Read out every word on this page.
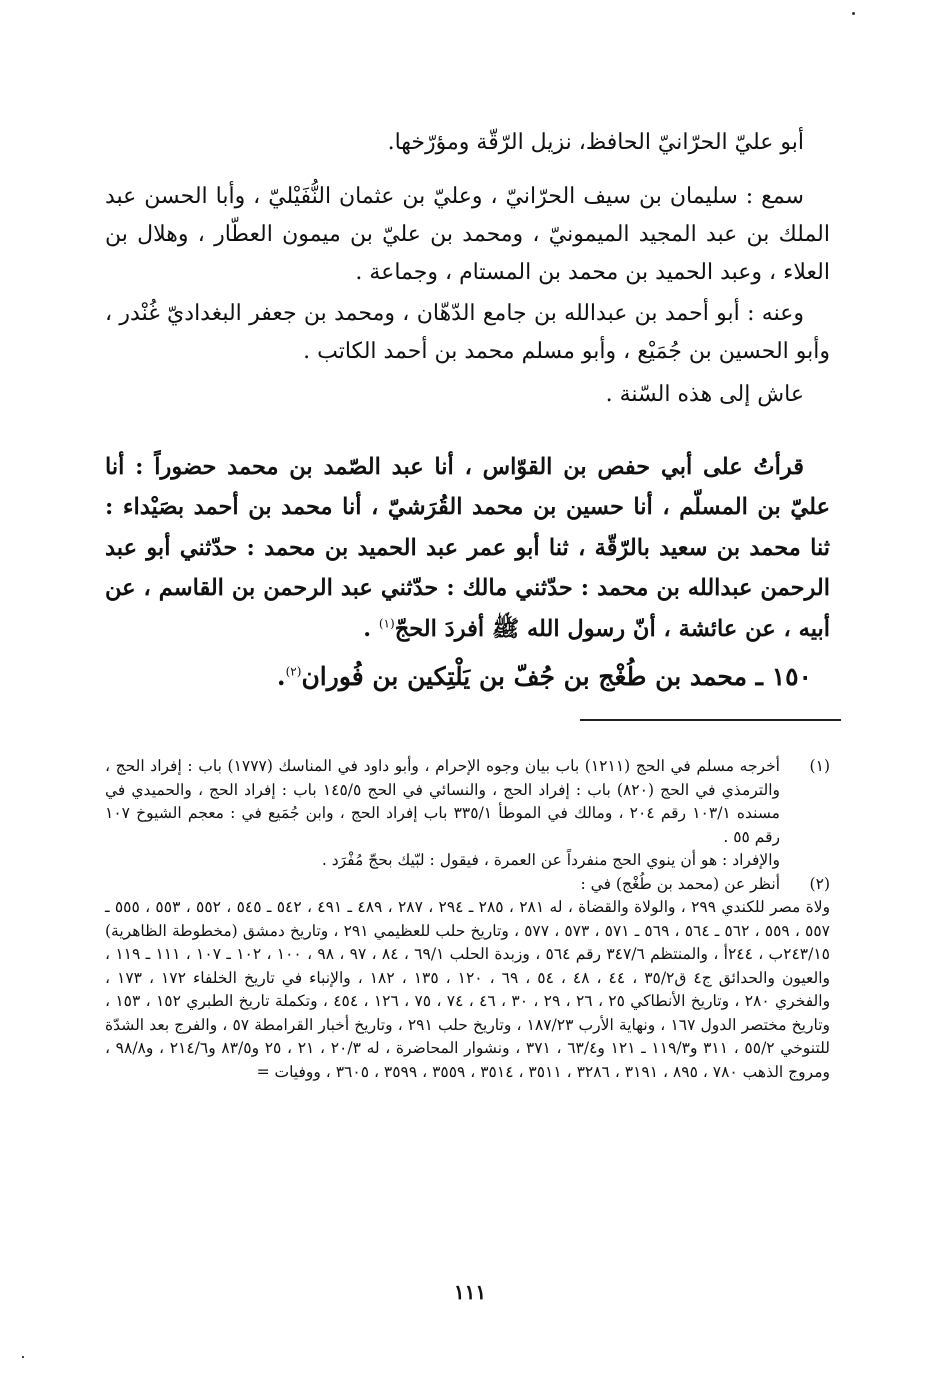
أبو عليّ الحرّانيّ الحافظ، نزيل الرّقّة ومؤرّخها.

سمع : سليمان بن سيف الحرّانيّ ، وعليّ بن عثمان النُّفَيْليّ ، وأبا الحسن عبد الملك بن عبد المجيد الميمونيّ ، ومحمد بن عليّ بن ميمون العطّار ، وهلال بن العلاء ، وعبد الحميد بن محمد بن المستام ، وجماعة .

وعنه : أبو أحمد بن عبدالله بن جامع الدّهّان ، ومحمد بن جعفر البغداديّ غُنْدر ، وأبو الحسين بن جُمَيْع ، وأبو مسلم محمد بن أحمد الكاتب .

عاش إلى هذه السّنة .

قرأتُ على أبي حفص بن القوّاس ، أنا عبد الصّمد بن محمد حضوراً : أنا عليّ بن المسلّم ، أنا حسين بن محمد القُرَشيّ ، أنا محمد بن أحمد بصَيْداء : ثنا محمد بن سعيد بالرّقّة ، ثنا أبو عمر عبد الحميد بن محمد : حدّثني أبو عبد الرحمن عبدالله بن محمد : حدّثني مالك : حدّثني عبد الرحمن بن القاسم ، عن أبيه ، عن عائشة ، أنّ رسول الله ﷺ أفردَ الحجّ$^{(١)}$ .

١٥٠ ـ محمد بن طُغْج بن جُفّ بن يَلْتِكين بن فُوران$^{(٢)}$.

(١)
أخرجه مسلم في الحج (١٢١١) باب بيان وجوه الإحرام ، وأبو داود في المناسك (١٧٧٧) باب : إفراد الحج ، والترمذي في الحج (٨٢٠) باب : إفراد الحج ، والنسائي في الحج ١٤٥/٥ باب : إفراد الحج ، والحميدي في مسنده ١٠٣/١ رقم ٢٠٤ ، ومالك في الموطأ ٣٣٥/١ باب إفراد الحج ، وابن جُمَيع في : معجم الشيوخ ١٠٧ رقم ٥٥ .

والإفراد : هو أن ينوي الحج منفرداً عن العمرة ، فيقول : لبّيك بحجّ مُفْرَد .

(٢)
أنظر عن (محمد بن طُغْج) في :

ولاة مصر للكندي ٢٩٩ ، والولاة والقضاة ، له ٢٨١ ، ٢٨٥ ـ ٢٩٤ ، ٢٨٧ ، ٤٨٩ ـ ٤٩١ ، ٥٤٢ ـ ٥٤٥ ، ٥٥٢ ، ٥٥٣ ، ٥٥٥ ـ ٥٥٧ ، ٥٥٩ ، ٥٦٢ ـ ٥٦٤ ، ٥٦٩ ـ ٥٧١ ، ٥٧٣ ، ٥٧٧ ، وتاريخ حلب للعظيمي ٢٩١ ، وتاريخ دمشق (مخطوطة الظاهرية) ٢٤٣/١٥ب ، ٢٤٤أ ، والمنتظم ٣٤٧/٦ رقم ٥٦٤ ، وزبدة الحلب ٦٩/١ ، ٨٤ ، ٩٧ ، ٩٨ ، ١٠٠ ، ١٠٢ ـ ١٠٧ ، ١١١ ـ ١١٩ ، والعيون والحدائق ج٤ ق٣٥/٢ ، ٤٤ ، ٤٨ ، ٥٤ ، ٦٩ ، ١٢٠ ، ١٣٥ ، ١٨٢ ، والإنباء في تاريخ الخلفاء ١٧٢ ، ١٧٣ ، والفخري ٢٨٠ ، وتاريخ الأنطاكي ٢٥ ، ٢٦ ، ٢٩ ، ٣٠ ، ٤٦ ، ٧٤ ، ٧٥ ، ١٢٦ ، ٤٥٤ ، وتكملة تاريخ الطبري ١٥٢ ، ١٥٣ ، وتاريخ مختصر الدول ١٦٧ ، ونهاية الأرب ١٨٧/٢٣ ، وتاريخ حلب ٢٩١ ، وتاريخ أخبار القرامطة ٥٧ ، والفرج بعد الشدّة للتنوخي ٥٥/٢ ، ٣١١ و١١٩/٣ ـ ١٢١ و٦٣/٤ ، ٣٧١ ، ونشوار المحاضرة ، له ٢٠/٣ ، ٢١ ، ٢٥ و٨٣/٥ و٢١٤/٦ ، و٩٨/٨ ، ومروج الذهب ٧٨٠ ، ٨٩٥ ، ٣١٩١ ، ٣٢٨٦ ، ٣٥١١ ، ٣٥١٤ ، ٣٥٥٩ ، ٣٥٩٩ ، ٣٦٠٥ ، ووفيات =

١١١
